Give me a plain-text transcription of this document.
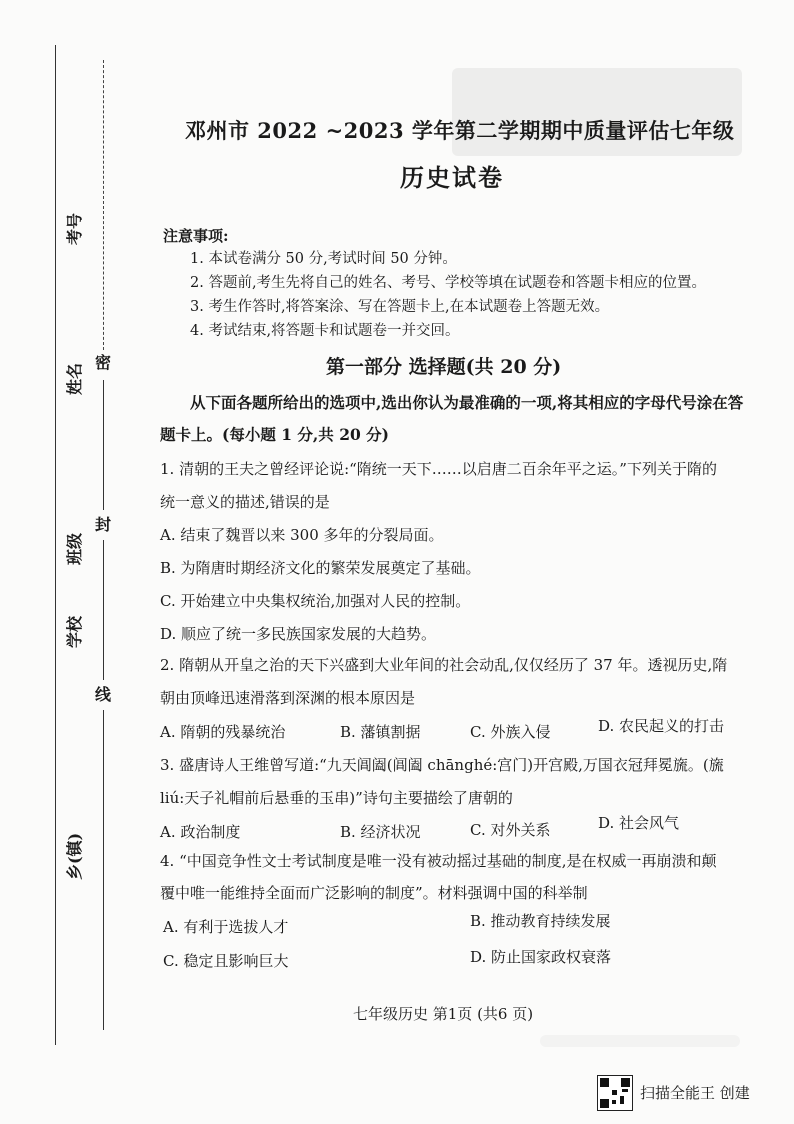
密
封
线
考号
姓名
班级
学校
乡(镇)
邓州市 2022 ~2023 学年第二学期期中质量评估七年级
历史试卷
注意事项:
1. 本试卷满分 50 分,考试时间 50 分钟。
2. 答题前,考生先将自己的姓名、考号、学校等填在试题卷和答题卡相应的位置。
3. 考生作答时,将答案涂、写在答题卡上,在本试题卷上答题无效。
4. 考试结束,将答题卡和试题卷一并交回。
第一部分 选择题(共 20 分)
从下面各题所给出的选项中,选出你认为最准确的一项,将其相应的字母代号涂在答
题卡上。(每小题 1 分,共 20 分)
1. 清朝的王夫之曾经评论说:“隋统一天下……以启唐二百余年平之运。”下列关于隋的
统一意义的描述,错误的是
A. 结束了魏晋以来 300 多年的分裂局面。
B. 为隋唐时期经济文化的繁荣发展奠定了基础。
C. 开始建立中央集权统治,加强对人民的控制。
D. 顺应了统一多民族国家发展的大趋势。
2. 隋朝从开皇之治的天下兴盛到大业年间的社会动乱,仅仅经历了 37 年。透视历史,隋
朝由顶峰迅速滑落到深渊的根本原因是
A. 隋朝的残暴统治	B. 藩镇割据	C. 外族入侵	D. 农民起义的打击
3. 盛唐诗人王维曾写道:“九天阊阖(阊阖 chānghé:宫门)开宫殿,万国衣冠拜冕旒。(旒
liú:天子礼帽前后悬垂的玉串)”诗句主要描绘了唐朝的
A. 政治制度	B. 经济状况	C. 对外关系	D. 社会风气
4. “中国竞争性文士考试制度是唯一没有被动摇过基础的制度,是在权威一再崩溃和颠
覆中唯一能维持全面而广泛影响的制度”。材料强调中国的科举制
A. 有利于选拔人才	B. 推动教育持续发展
C. 稳定且影响巨大	D. 防止国家政权衰落
七年级历史 第1页 (共6 页)
扫描全能王 创建
